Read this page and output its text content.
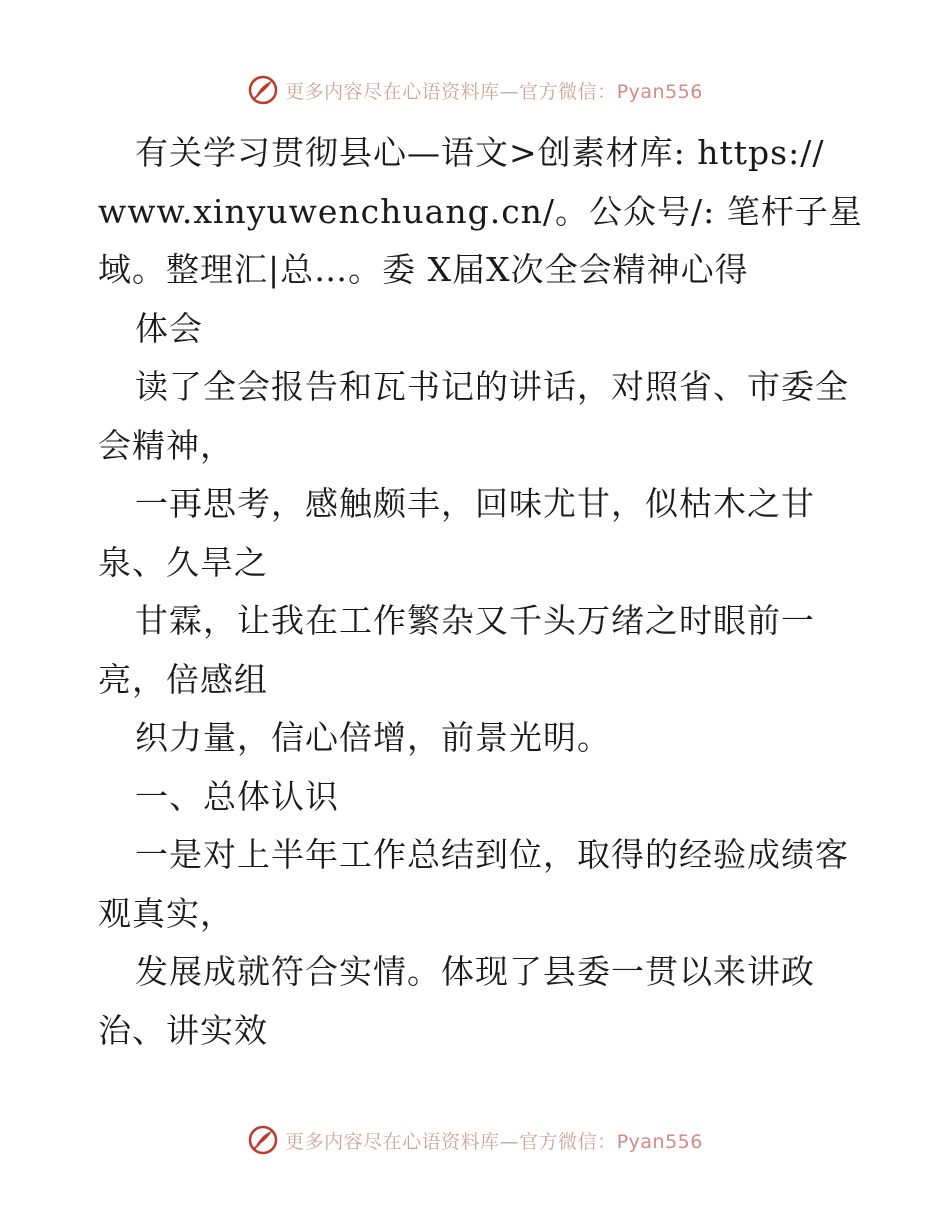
更多内容尽在心语资料库—官方微信：Pyan556
有关学习贯彻县心—语文>创素材库: https://
www.xinyuwenchuang.cn/。公众号/: 笔杆子星
域。整理汇|总…。委 X届X次全会精神心得
体会
读了全会报告和瓦书记的讲话，对照省、市委全
会精神，
一再思考，感触颇丰，回味尤甘，似枯木之甘
泉、久旱之
甘霖，让我在工作繁杂又千头万绪之时眼前一
亮，倍感组
织力量，信心倍增，前景光明。
一、总体认识
一是对上半年工作总结到位，取得的经验成绩客
观真实，
发展成就符合实情。体现了县委一贯以来讲政
治、讲实效
更多内容尽在心语资料库—官方微信：Pyan556
